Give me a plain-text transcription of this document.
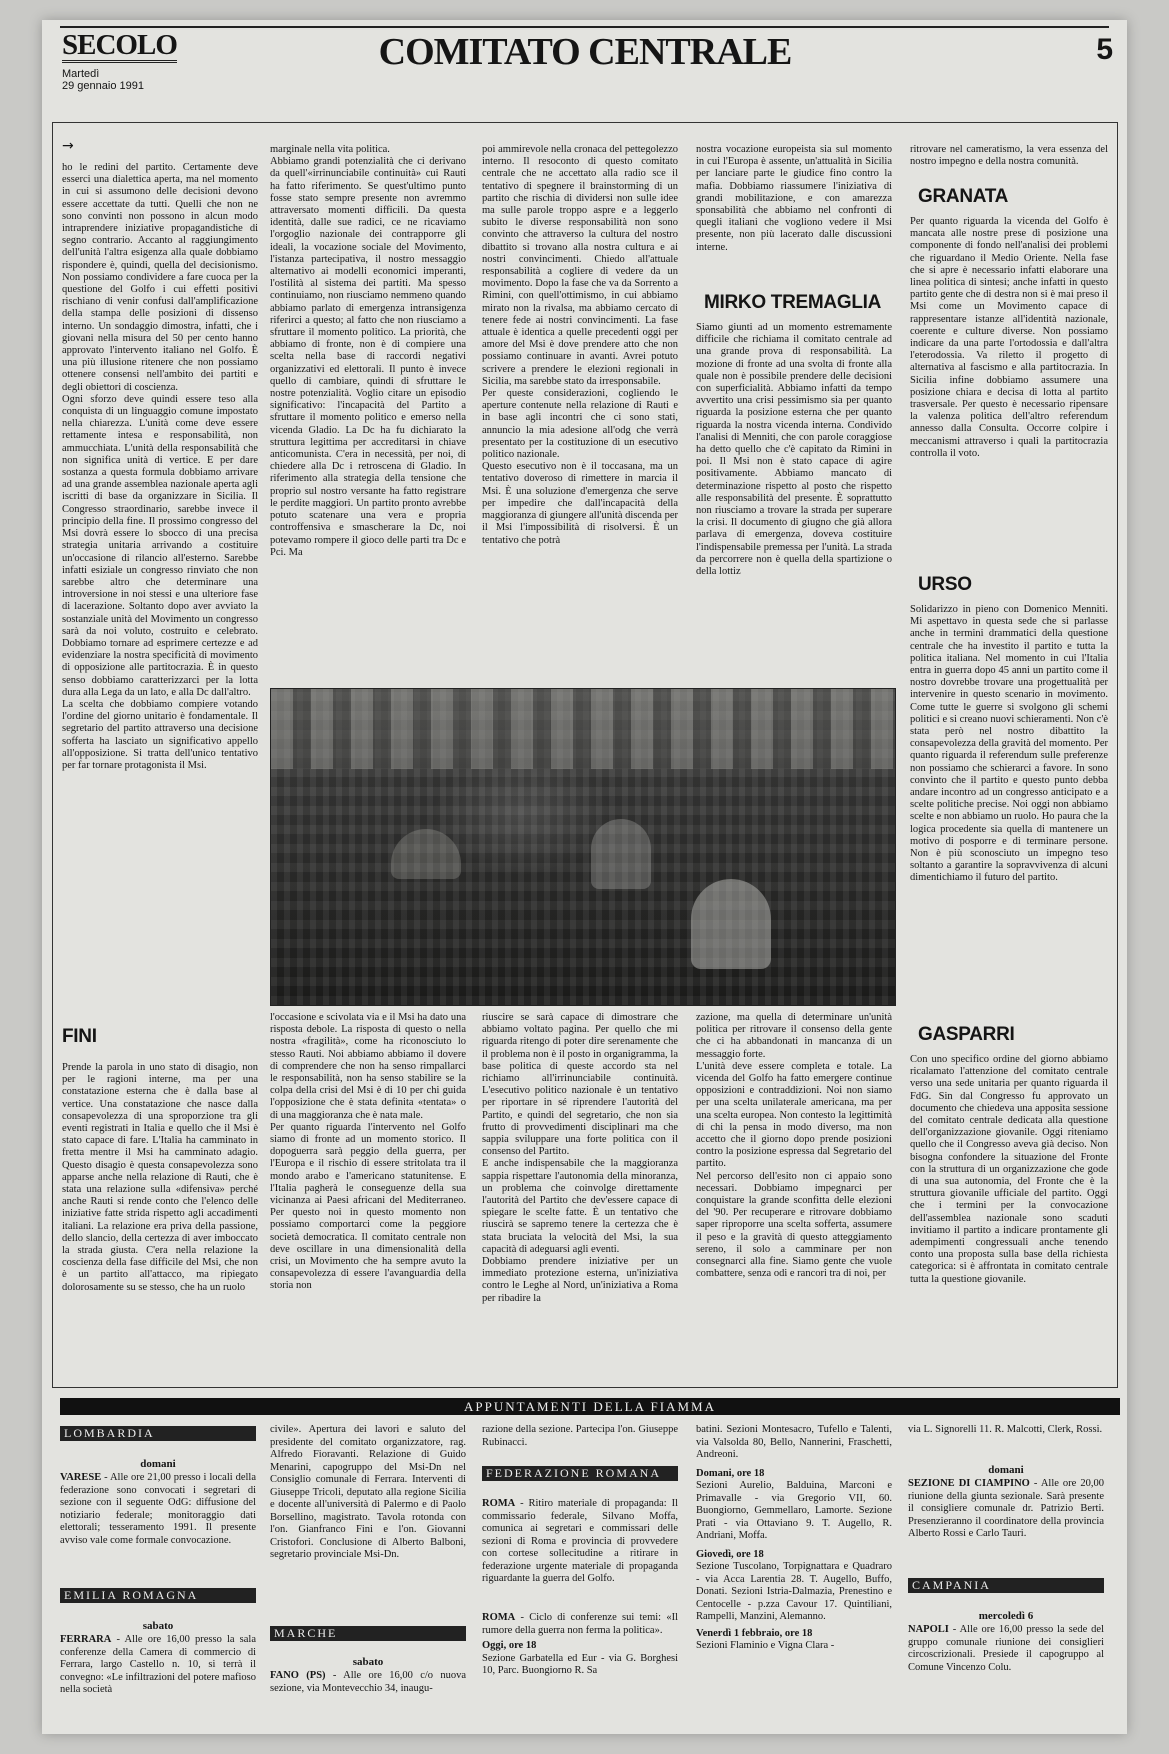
SECOLO
Martedì
29 gennaio 1991
COMITATO CENTRALE	5
→
ho le redini del partito. Certamente deve esserci una dialettica aperta, ma nel momento in cui si assumono delle decisioni devono essere accettate da tutti. Quelli che non ne sono convinti non possono in alcun modo intraprendere iniziative propagandistiche di segno contrario. Accanto al raggiungimento dell'unità l'altra esigenza alla quale dobbiamo rispondere è, quindi, quella del decisionismo. Non possiamo condividere a fare cuoca per la questione del Golfo i cui effetti positivi rischiano di venir confusi dall'amplificazione della stampa delle posizioni di dissenso interno. Un sondaggio dimostra, infatti, che i giovani nella misura del 50 per cento hanno approvato l'intervento italiano nel Golfo. È una più illusione ritenere che non possiamo ottenere consensi nell'ambito dei partiti e degli obiettori di coscienza.
Ogni sforzo deve quindi essere teso alla conquista di un linguaggio comune impostato nella chiarezza. L'unità come deve essere rettamente intesa e responsabilità, non ammucchiata. L'unità della responsabilità che non significa unità di vertice. E per dare sostanza a questa formula dobbiamo arrivare ad una grande assemblea nazionale aperta agli iscritti di base da organizzare in Sicilia. Il Congresso straordinario, sarebbe invece il principio della fine. Il prossimo congresso del Msi dovrà essere lo sbocco di una precisa strategia unitaria arrivando a costituire un'occasione di rilancio all'esterno. Sarebbe infatti esiziale un congresso rinviato che non sarebbe altro che determinare una introversione in noi stessi e una ulteriore fase di lacerazione. Soltanto dopo aver avviato la sostanziale unità del Movimento un congresso sarà da noi voluto, costruito e celebrato. Dobbiamo tornare ad esprimere certezze e ad evidenziare la nostra specificità di movimento di opposizione alle partitocrazia. È in questo senso dobbiamo caratterizzarci per la lotta dura alla Lega da un lato, e alla Dc dall'altro.
La scelta che dobbiamo compiere votando l'ordine del giorno unitario è fondamentale. Il segretario del partito attraverso una decisione sofferta ha lasciato un significativo appello all'opposizione. Si tratta dell'unico tentativo per far tornare protagonista il Msi.
marginale nella vita politica.
Abbiamo grandi potenzialità che ci derivano da quell'«irrinunciabile continuità» cui Rauti ha fatto riferimento. Se quest'ultimo punto fosse stato sempre presente non avremmo attraversato momenti difficili. Da questa identità, dalle sue radici, ce ne ricaviamo l'orgoglio nazionale dei contrapporre gli ideali, la vocazione sociale del Movimento, l'istanza partecipativa, il nostro messaggio alternativo ai modelli economici imperanti, l'ostilità al sistema dei partiti. Ma spesso continuiamo, non riusciamo nemmeno quando abbiamo parlato di emergenza intransigenza riferirci a questo; al fatto che non riusciamo a sfruttare il momento politico. La priorità, che abbiamo di fronte, non è di compiere una scelta nella base di raccordi negativi organizzativi ed elettorali. Il punto è invece quello di cambiare, quindi di sfruttare le nostre potenzialità. Voglio citare un episodio significativo: l'incapacità del Partito a sfruttare il momento politico e emerso nella vicenda Gladio. La Dc ha fu dichiarato la struttura legittima per accreditarsi in chiave anticomunista. C'era in necessità, per noi, di chiedere alla Dc i retroscena di Gladio. In riferimento alla strategia della tensione che proprio sul nostro versante ha fatto registrare le perdite maggiori. Un partito pronto avrebbe potuto scatenare una vera e propria controffensiva e smascherare la Dc, noi potevamo rompere il gioco delle parti tra Dc e Pci. Ma
poi ammirevole nella cronaca del pettegolezzo interno. Il resoconto di questo comitato centrale che ne accettato alla radio sce il tentativo di spegnere il brainstorming di un partito che rischia di dividersi non sulle idee ma sulle parole troppo aspre e a leggerlo subito le diverse responsabilità non sono convinto che attraverso la cultura del nostro dibattito si trovano alla nostra cultura e ai nostri convincimenti. Chiedo all'attuale responsabilità a cogliere di vedere da un movimento. Dopo la fase che va da Sorrento a Rimini, con quell'ottimismo, in cui abbiamo mirato non la rivalsa, ma abbiamo cercato di tenere fede ai nostri convincimenti. La fase attuale è identica a quelle precedenti oggi per amore del Msi è dove prendere atto che non possiamo continuare in avanti. Avrei potuto scrivere a prendere le elezioni regionali in Sicilia, ma sarebbe stato da irresponsabile.
Per queste considerazioni, cogliendo le aperture contenute nella relazione di Rauti e in base agli incontri che ci sono stati, annuncio la mia adesione all'odg che verrà presentato per la costituzione di un esecutivo politico nazionale.
Questo esecutivo non è il toccasana, ma un tentativo doveroso di rimettere in marcia il Msi. È una soluzione d'emergenza che serve per impedire che dall'incapacità della maggioranza di giungere all'unità discenda per il Msi l'impossibilità di risolversi. È un tentativo che potrà
nostra vocazione europeista sia sul momento in cui l'Europa è assente, un'attualità in Sicilia per lanciare parte le giudice fino contro la mafia. Dobbiamo riassumere l'iniziativa di grandi mobilitazione, e con amarezza sponsabilità che abbiamo nel confronti di quegli italiani che vogliono vedere il Msi presente, non più lacerato dalle discussioni interne.
MIRKO TREMAGLIA
Siamo giunti ad un momento estremamente difficile che richiama il comitato centrale ad una grande prova di responsabilità. La mozione di fronte ad una svolta di fronte alla quale non è possibile prendere delle decisioni con superficialità. Abbiamo infatti da tempo avvertito una crisi pessimismo sia per quanto riguarda la posizione esterna che per quanto riguarda la nostra vicenda interna. Condivido l'analisi di Menniti, che con parole coraggiose ha detto quello che c'è capitato da Rimini in poi. Il Msi non è stato capace di agire positivamente. Abbiamo mancato di determinazione rispetto al posto che rispetto alle responsabilità del presente. È soprattutto non riusciamo a trovare la strada per superare la crisi. Il documento di giugno che già allora parlava di emergenza, doveva costituire l'indispensabile premessa per l'unità. La strada da percorrere non è quella della spartizione o della lottiz
ritrovare nel cameratismo, la vera essenza del nostro impegno e della nostra comunità.
GRANATA
Per quanto riguarda la vicenda del Golfo è mancata alle nostre prese di posizione una componente di fondo nell'analisi dei problemi che riguardano il Medio Oriente. Nella fase che si apre è necessario infatti elaborare una linea politica di sintesi; anche infatti in questo partito gente che di destra non si è mai preso il Msi come un Movimento capace di rappresentare istanze all'identità nazionale, coerente e culture diverse. Non possiamo indicare da una parte l'ortodossia e dall'altra l'eterodossia. Va riletto il progetto di alternativa al fascismo e alla partitocrazia. In Sicilia infine dobbiamo assumere una posizione chiara e decisa di lotta al partito trasversale. Per questo è necessario ripensare la valenza politica dell'altro referendum annesso dalla Consulta. Occorre colpire i meccanismi attraverso i quali la partitocrazia controlla il voto.
URSO
Solidarizzo in pieno con Domenico Menniti. Mi aspettavo in questa sede che si parlasse anche in termini drammatici della questione centrale che ha investito il partito e tutta la politica italiana. Nel momento in cui l'Italia entra in guerra dopo 45 anni un partito come il nostro dovrebbe trovare una progettualità per intervenire in questo scenario in movimento. Come tutte le guerre si svolgono gli schemi politici e si creano nuovi schieramenti. Non c'è stata però nel nostro dibattito la consapevolezza della gravità del momento. Per quanto riguarda il referendum sulle preferenze non possiamo che schierarci a favore. In sono convinto che il partito e questo punto debba andare incontro ad un congresso anticipato e a scelte politiche precise. Noi oggi non abbiamo scelte e non abbiamo un ruolo. Ho paura che la logica procedente sia quella di mantenere un motivo di posporre e di terminare persone. Non è più sconosciuto un impegno teso soltanto a garantire la sopravvivenza di alcuni dimentichiamo il futuro del partito.
GASPARRI
Con uno specifico ordine del giorno abbiamo ricalamato l'attenzione del comitato centrale verso una sede unitaria per quanto riguarda il FdG. Sin dal Congresso fu approvato un documento che chiedeva una apposita sessione del comitato centrale dedicata alla questione dell'organizzazione giovanile. Oggi riteniamo quello che il Congresso aveva già deciso. Non bisogna confondere la situazione del Fronte con la struttura di un organizzazione che gode di una sua autonomia, del Fronte che è la struttura giovanile ufficiale del partito. Oggi che i termini per la convocazione dell'assemblea nazionale sono scaduti invitiamo il partito a indicare prontamente gli adempimenti congressuali anche tenendo conto una proposta sulla base della richiesta categorica: si è affrontata in comitato centrale tutta la questione giovanile.
FINI
Prende la parola in uno stato di disagio, non per le ragioni interne, ma per una constatazione esterna che è dalla base al vertice. Una constatazione che nasce dalla consapevolezza di una sproporzione tra gli eventi registrati in Italia e quello che il Msi è stato capace di fare. L'Italia ha camminato in fretta mentre il Msi ha camminato adagio. Questo disagio è questa consapevolezza sono apparse anche nella relazione di Rauti, che è stata una relazione sulla «difensiva» perché anche Rauti si rende conto che l'elenco delle iniziative fatte strida rispetto agli accadimenti italiani. La relazione era priva della passione, dello slancio, della certezza di aver imboccato la strada giusta. C'era nella relazione la coscienza della fase difficile del Msi, che non è un partito all'attacco, ma ripiegato dolorosamente su se stesso, che ha un ruolo
l'occasione e scivolata via e il Msi ha dato una risposta debole. La risposta di questo o nella nostra «fragilità», come ha riconosciuto lo stesso Rauti. Noi abbiamo abbiamo il dovere di comprendere che non ha senso rimpallarci le responsabilità, non ha senso stabilire se la colpa della crisi del Msi è di 10 per chi guida l'opposizione che è stata definita «tentata» o di una maggioranza che è nata male.
Per quanto riguarda l'intervento nel Golfo siamo di fronte ad un momento storico. Il dopoguerra sarà peggio della guerra, per l'Europa e il rischio di essere stritolata tra il mondo arabo e l'americano statunitense. E l'Italia pagherà le conseguenze della sua vicinanza ai Paesi africani del Mediterraneo. Per questo noi in questo momento non possiamo comportarci come la peggiore società democratica. Il comitato centrale non deve oscillare in una dimensionalità della crisi, un Movimento che ha sempre avuto la consapevolezza di essere l'avanguardia della storia non
riuscire se sarà capace di dimostrare che abbiamo voltato pagina. Per quello che mi riguarda ritengo di poter dire serenamente che il problema non è il posto in organigramma, la base politica di queste accordo sta nel richiamo all'irrinunciabile continuità. L'esecutivo politico nazionale è un tentativo per riportare in sé riprendere l'autorità del Partito, e quindi del segretario, che non sia frutto di provvedimenti disciplinari ma che sappia sviluppare una forte politica con il consenso del Partito.
E anche indispensabile che la maggioranza sappia rispettare l'autonomia della minoranza, un problema che coinvolge direttamente l'autorità del Partito che dev'essere capace di spiegare le scelte fatte. È un tentativo che riuscirà se sapremo tenere la certezza che è stata bruciata la velocità del Msi, la sua capacità di adeguarsi agli eventi.
Dobbiamo prendere iniziative per un immediato protezione esterna, un'iniziativa contro le Leghe al Nord, un'iniziativa a Roma per ribadire la
zazione, ma quella di determinare un'unità politica per ritrovare il consenso della gente che ci ha abbandonati in mancanza di un messaggio forte.
L'unità deve essere completa e totale. La vicenda del Golfo ha fatto emergere continue opposizioni e contraddizioni. Noi non siamo per una scelta unilaterale americana, ma per una scelta europea. Non contesto la legittimità di chi la pensa in modo diverso, ma non accetto che il giorno dopo prende posizioni contro la posizione espressa dal Segretario del partito.
Nel percorso dell'esito non ci appaio sono necessari. Dobbiamo impegnarci per conquistare la grande sconfitta delle elezioni del '90. Per recuperare e ritrovare dobbiamo saper riproporre una scelta sofferta, assumere il peso e la gravità di questo atteggiamento sereno, il solo a camminare per non consegnarci alla fine. Siamo gente che vuole combattere, senza odi e rancori tra di noi, per
APPUNTAMENTI DELLA FIAMMA
LOMBARDIA
domani
VARESE - Alle ore 21,00 presso i locali della federazione sono convocati i segretari di sezione con il seguente OdG: diffusione del notiziario federale; monitoraggio dati elettorali; tesseramento 1991. Il presente avviso vale come formale convocazione.
EMILIA ROMAGNA
sabato
FERRARA - Alle ore 16,00 presso la sala conferenze della Camera di commercio di Ferrara, largo Castello n. 10, si terrà il convegno: «Le infiltrazioni del potere mafioso nella società
civile». Apertura dei lavori e saluto del presidente del comitato organizzatore, rag. Alfredo Fioravanti. Relazione di Guido Menarini, capogruppo del Msi-Dn nel Consiglio comunale di Ferrara. Interventi di Giuseppe Tricoli, deputato alla regione Sicilia e docente all'università di Palermo e di Paolo Borsellino, magistrato. Tavola rotonda con l'on. Gianfranco Fini e l'on. Giovanni Cristofori. Conclusione di Alberto Balboni, segretario provinciale Msi-Dn.
MARCHE
sabato
FANO (PS) - Alle ore 16,00 c/o nuova sezione, via Montevecchio 34, inaugu-
razione della sezione. Partecipa l'on. Giuseppe Rubinacci.
FEDERAZIONE ROMANA
ROMA - Ritiro materiale di propaganda: Il commissario federale, Silvano Moffa, comunica ai segretari e commissari delle sezioni di Roma e provincia di provvedere con cortese sollecitudine a ritirare in federazione urgente materiale di propaganda riguardante la guerra del Golfo.

ROMA - Ciclo di conferenze sui temi: «Il rumore della guerra non ferma la politica».

Oggi, ore 18
Sezione Garbatella ed Eur - via G. Borghesi 10, Parc. Buongiorno R. Sa

batini. Sezioni Montesacro, Tufello e Talenti, via Valsolda 80, Bello, Nannerini, Fraschetti, Andreoni.

Domani, ore 18
Sezioni Aurelio, Balduina, Marconi e Primavalle - via Gregorio VII, 60. Buongiorno, Gemmellaro, Lamorte. Sezione Prati - via Ottaviano 9. T. Augello, R. Andriani, Moffa.

Giovedì, ore 18
Sezione Tuscolano, Torpignattara e Quadraro - via Acca Larentia 28. T. Augello, Buffo, Donati. Sezioni Istria-Dalmazia, Prenestino e Centocelle - p.zza Cavour 17. Quintiliani, Rampelli, Manzini, Alemanno.

Venerdì 1 febbraio, ore 18
Sezioni Flaminio e Vigna Clara -

via L. Signorelli 11. R. Malcotti, Clerk, Rossi.
domani
SEZIONE DI CIAMPINO - Alle ore 20,00 riunione della giunta sezionale. Sarà presente il consigliere comunale dr. Patrizio Berti. Presenzieranno il coordinatore della provincia Alberto Rossi e Carlo Tauri.
CAMPANIA
mercoledì 6
NAPOLI - Alle ore 16,00 presso la sede del gruppo comunale riunione dei consiglieri circoscrizionali. Presiede il capogruppo al Comune Vincenzo Colu.
